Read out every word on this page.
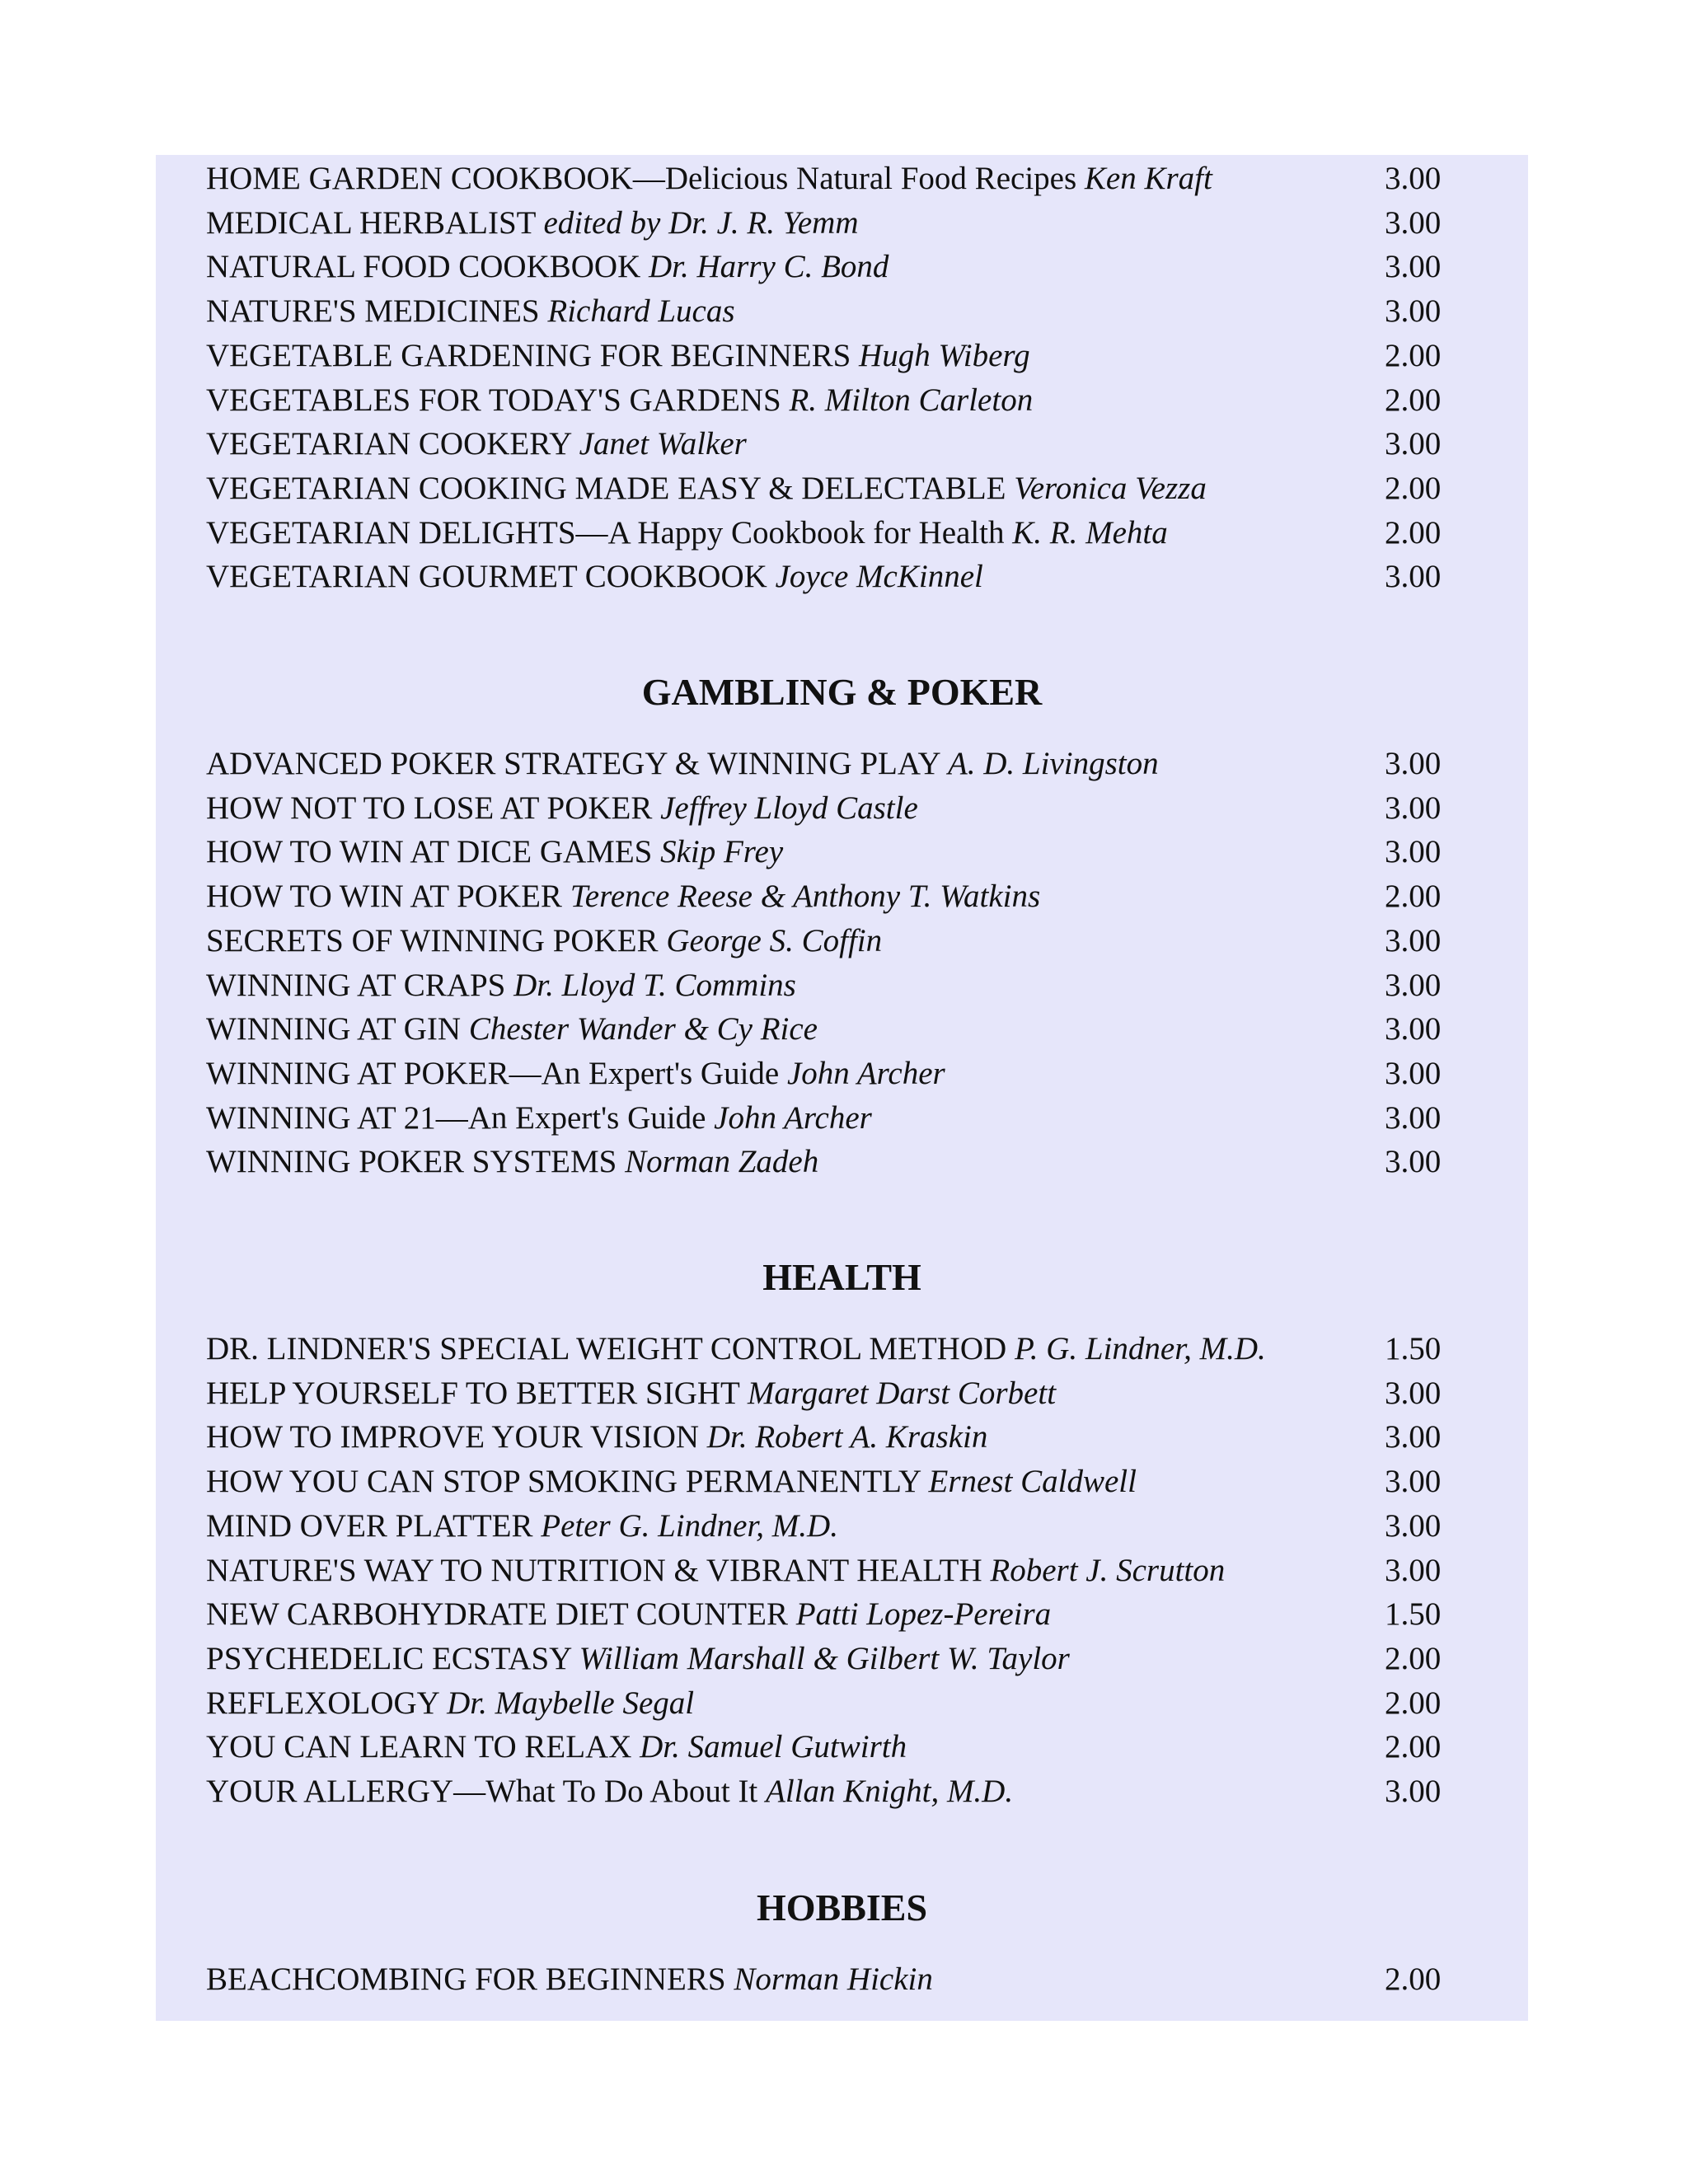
HOME GARDEN COOKBOOK—Delicious Natural Food Recipes Ken Kraft	3.00
MEDICAL HERBALIST edited by Dr. J. R. Yemm	3.00
NATURAL FOOD COOKBOOK Dr. Harry C. Bond	3.00
NATURE'S MEDICINES Richard Lucas	3.00
VEGETABLE GARDENING FOR BEGINNERS Hugh Wiberg	2.00
VEGETABLES FOR TODAY'S GARDENS R. Milton Carleton	2.00
VEGETARIAN COOKERY Janet Walker	3.00
VEGETARIAN COOKING MADE EASY & DELECTABLE Veronica Vezza	2.00
VEGETARIAN DELIGHTS—A Happy Cookbook for Health K. R. Mehta	2.00
VEGETARIAN GOURMET COOKBOOK Joyce McKinnel	3.00
GAMBLING & POKER
ADVANCED POKER STRATEGY & WINNING PLAY A. D. Livingston	3.00
HOW NOT TO LOSE AT POKER Jeffrey Lloyd Castle	3.00
HOW TO WIN AT DICE GAMES Skip Frey	3.00
HOW TO WIN AT POKER Terence Reese & Anthony T. Watkins	2.00
SECRETS OF WINNING POKER George S. Coffin	3.00
WINNING AT CRAPS Dr. Lloyd T. Commins	3.00
WINNING AT GIN Chester Wander & Cy Rice	3.00
WINNING AT POKER—An Expert's Guide John Archer	3.00
WINNING AT 21—An Expert's Guide John Archer	3.00
WINNING POKER SYSTEMS Norman Zadeh	3.00
HEALTH
DR. LINDNER'S SPECIAL WEIGHT CONTROL METHOD P. G. Lindner, M.D.	1.50
HELP YOURSELF TO BETTER SIGHT Margaret Darst Corbett	3.00
HOW TO IMPROVE YOUR VISION Dr. Robert A. Kraskin	3.00
HOW YOU CAN STOP SMOKING PERMANENTLY Ernest Caldwell	3.00
MIND OVER PLATTER Peter G. Lindner, M.D.	3.00
NATURE'S WAY TO NUTRITION & VIBRANT HEALTH Robert J. Scrutton	3.00
NEW CARBOHYDRATE DIET COUNTER Patti Lopez-Pereira	1.50
PSYCHEDELIC ECSTASY William Marshall & Gilbert W. Taylor	2.00
REFLEXOLOGY Dr. Maybelle Segal	2.00
YOU CAN LEARN TO RELAX Dr. Samuel Gutwirth	2.00
YOUR ALLERGY—What To Do About It Allan Knight, M.D.	3.00
HOBBIES
BEACHCOMBING FOR BEGINNERS Norman Hickin	2.00
